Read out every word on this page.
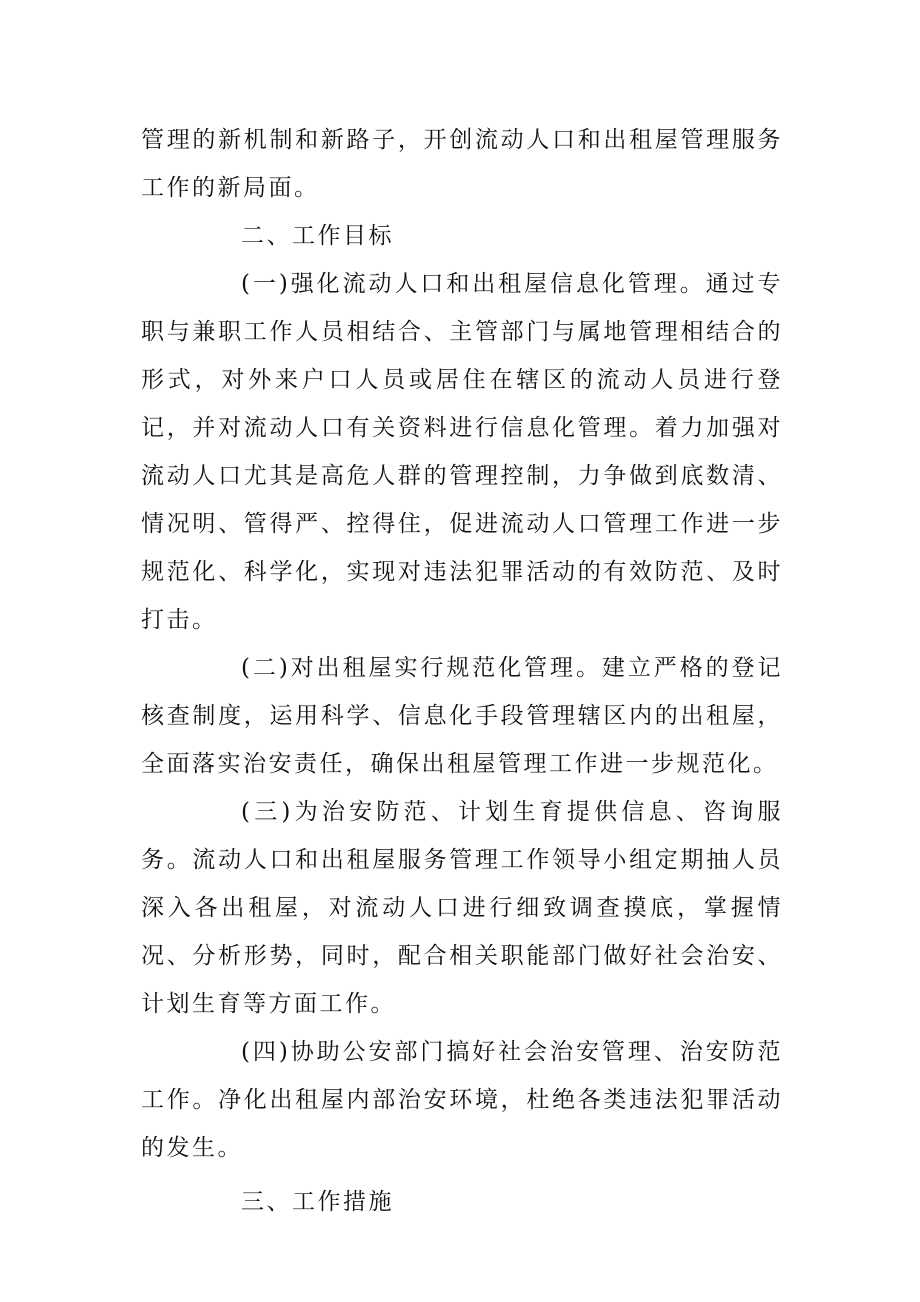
管理的新机制和新路子，开创流动人口和出租屋管理服务工作的新局面。

二、工作目标

(一)强化流动人口和出租屋信息化管理。通过专职与兼职工作人员相结合、主管部门与属地管理相结合的形式，对外来户口人员或居住在辖区的流动人员进行登记，并对流动人口有关资料进行信息化管理。着力加强对流动人口尤其是高危人群的管理控制，力争做到底数清、情况明、管得严、控得住，促进流动人口管理工作进一步规范化、科学化，实现对违法犯罪活动的有效防范、及时打击。

(二)对出租屋实行规范化管理。建立严格的登记核查制度，运用科学、信息化手段管理辖区内的出租屋，全面落实治安责任，确保出租屋管理工作进一步规范化。

(三)为治安防范、计划生育提供信息、咨询服务。流动人口和出租屋服务管理工作领导小组定期抽人员深入各出租屋，对流动人口进行细致调查摸底，掌握情况、分析形势，同时，配合相关职能部门做好社会治安、计划生育等方面工作。

(四)协助公安部门搞好社会治安管理、治安防范工作。净化出租屋内部治安环境，杜绝各类违法犯罪活动的发生。

三、工作措施
